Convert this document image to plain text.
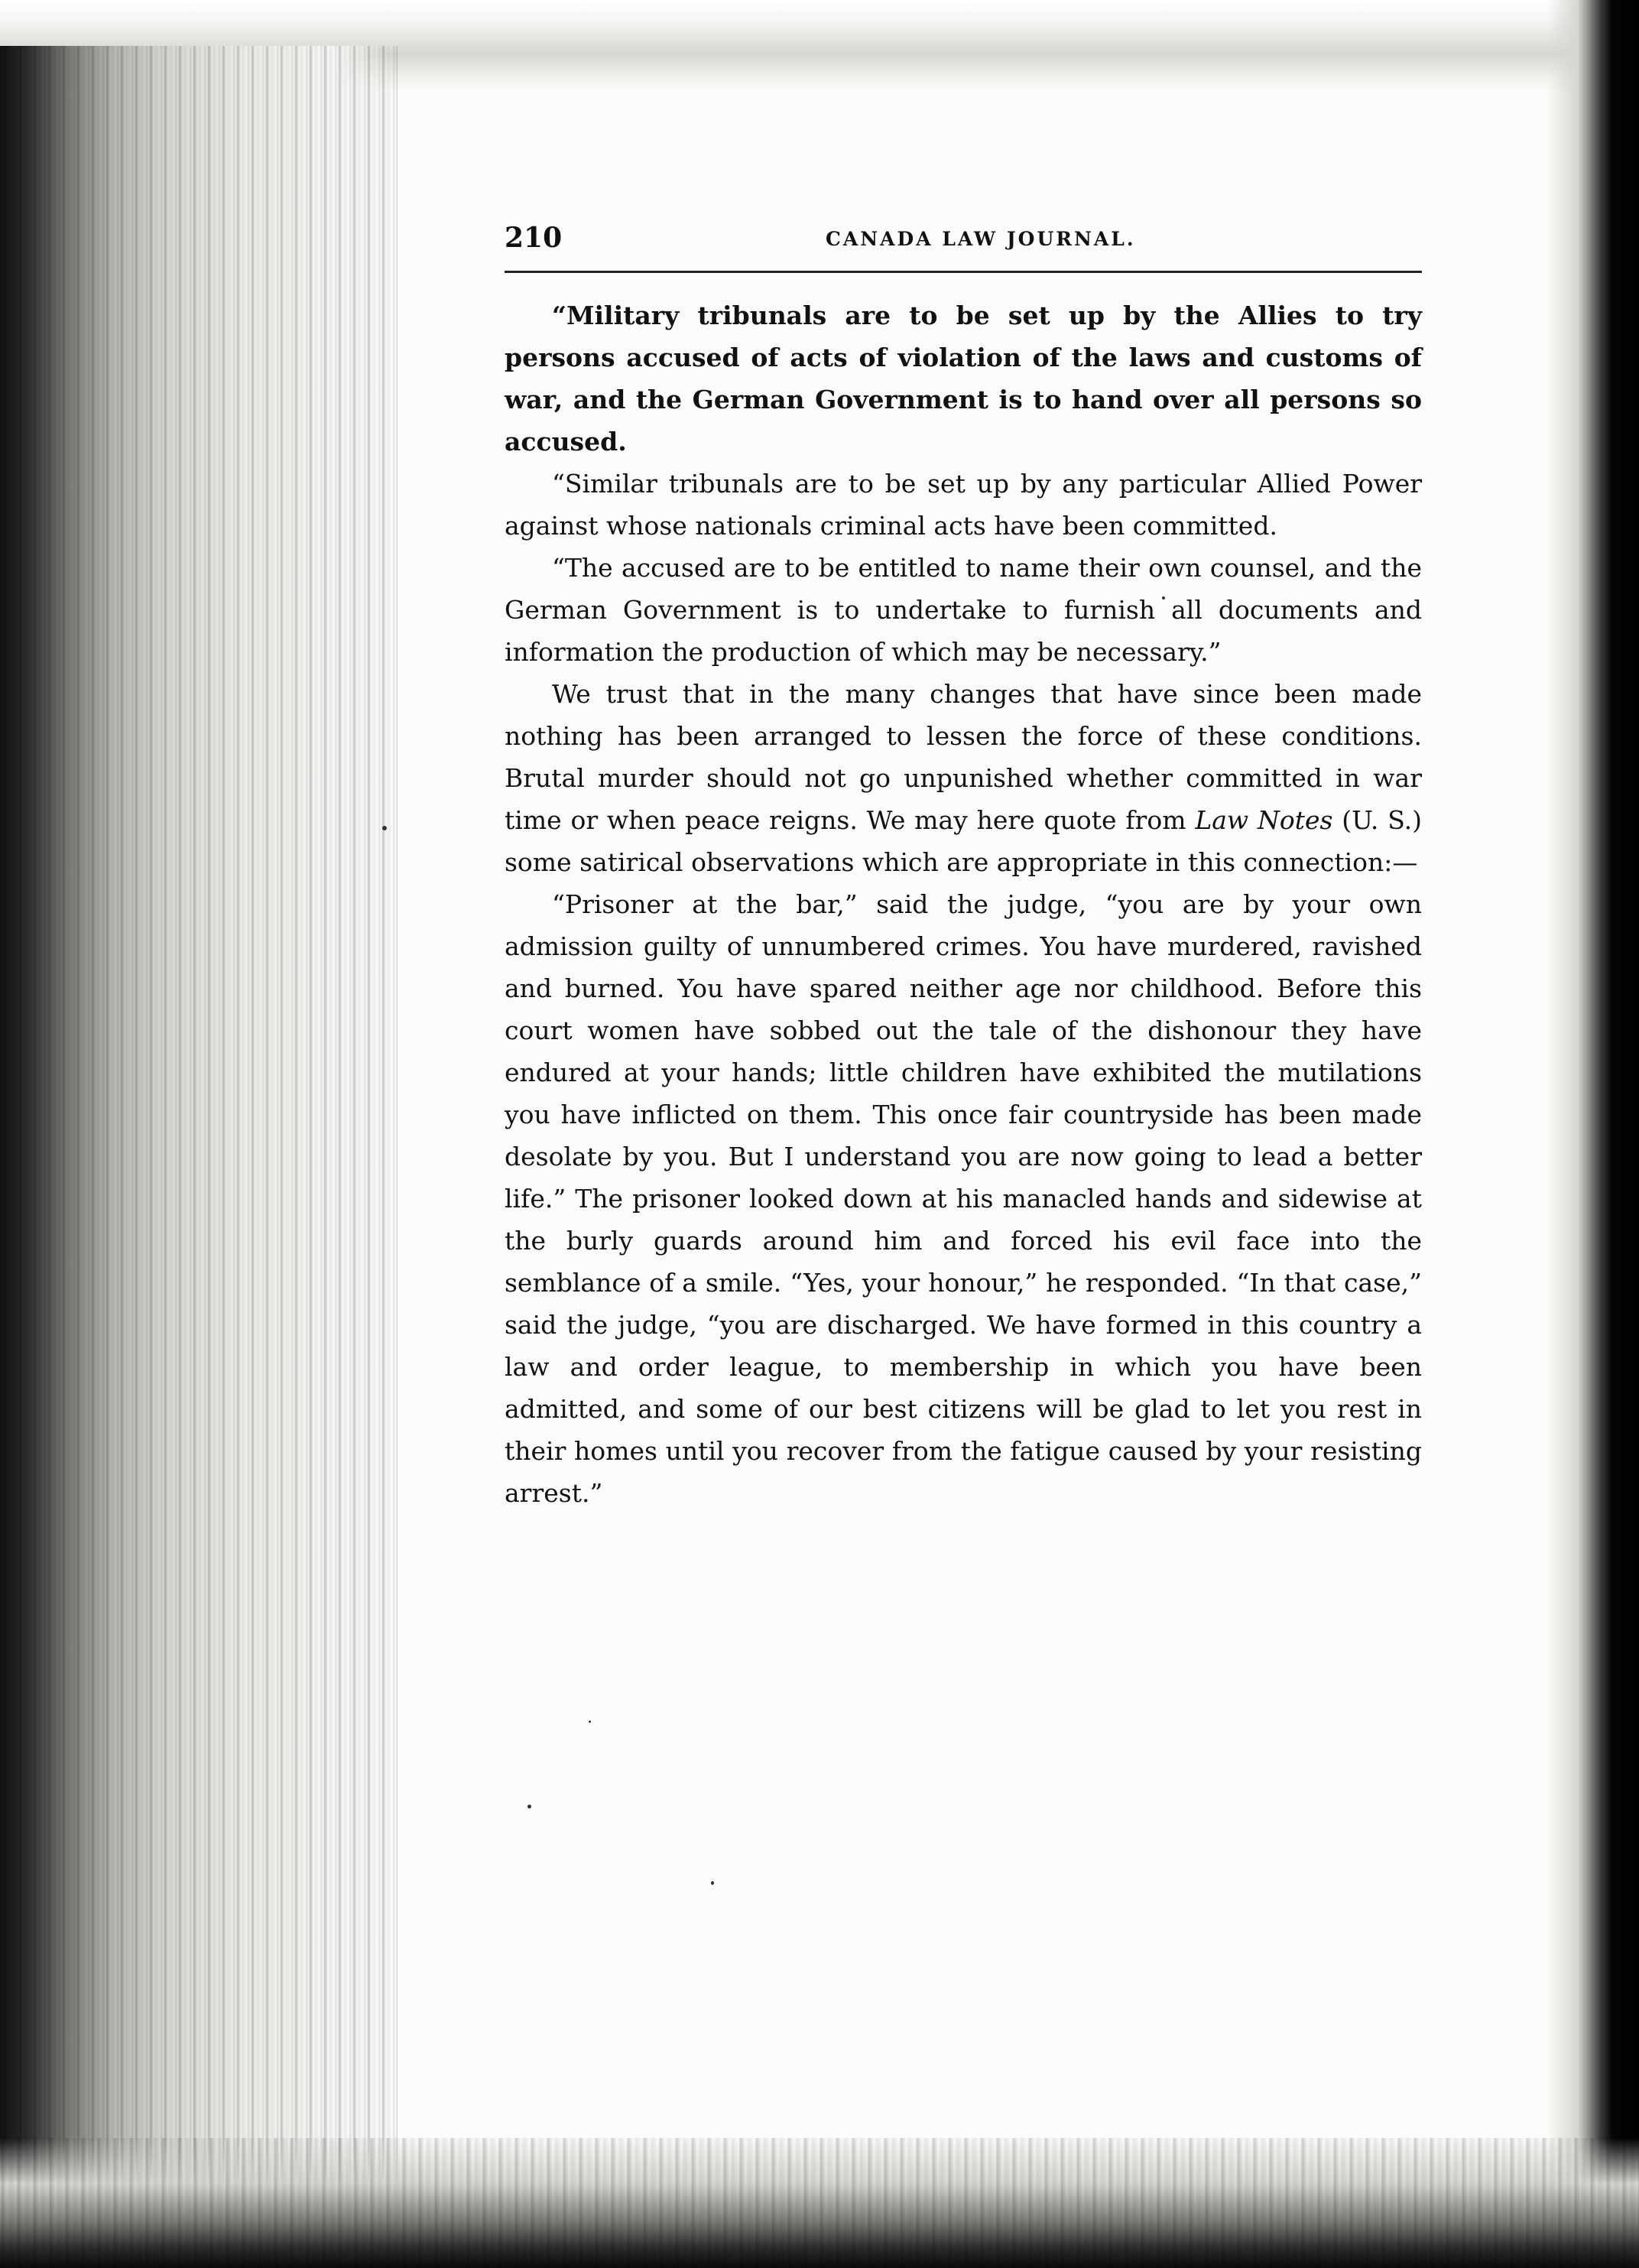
210	CANADA LAW JOURNAL.

“Military tribunals are to be set up by the Allies to try persons accused of acts of violation of the laws and customs of war, and the German Government is to hand over all persons so accused.

“Similar tribunals are to be set up by any particular Allied Power against whose nationals criminal acts have been committed.

“The accused are to be entitled to name their own counsel, and the German Government is to undertake to furnish all documents and information the production of which may be necessary.”

We trust that in the many changes that have since been made nothing has been arranged to lessen the force of these conditions. Brutal murder should not go unpunished whether committed in war time or when peace reigns. We may here quote from Law Notes (U. S.) some satirical observations which are appropriate in this connection:—

“Prisoner at the bar,” said the judge, “you are by your own admission guilty of unnumbered crimes. You have murdered, ravished and burned. You have spared neither age nor childhood. Before this court women have sobbed out the tale of the dishonour they have endured at your hands; little children have exhibited the mutilations you have inflicted on them. This once fair countryside has been made desolate by you. But I understand you are now going to lead a better life.” The prisoner looked down at his manacled hands and sidewise at the burly guards around him and forced his evil face into the semblance of a smile. “Yes, your honour,” he responded. “In that case,” said the judge, “you are discharged. We have formed in this country a law and order league, to membership in which you have been admitted, and some of our best citizens will be glad to let you rest in their homes until you recover from the fatigue caused by your resisting arrest.”
